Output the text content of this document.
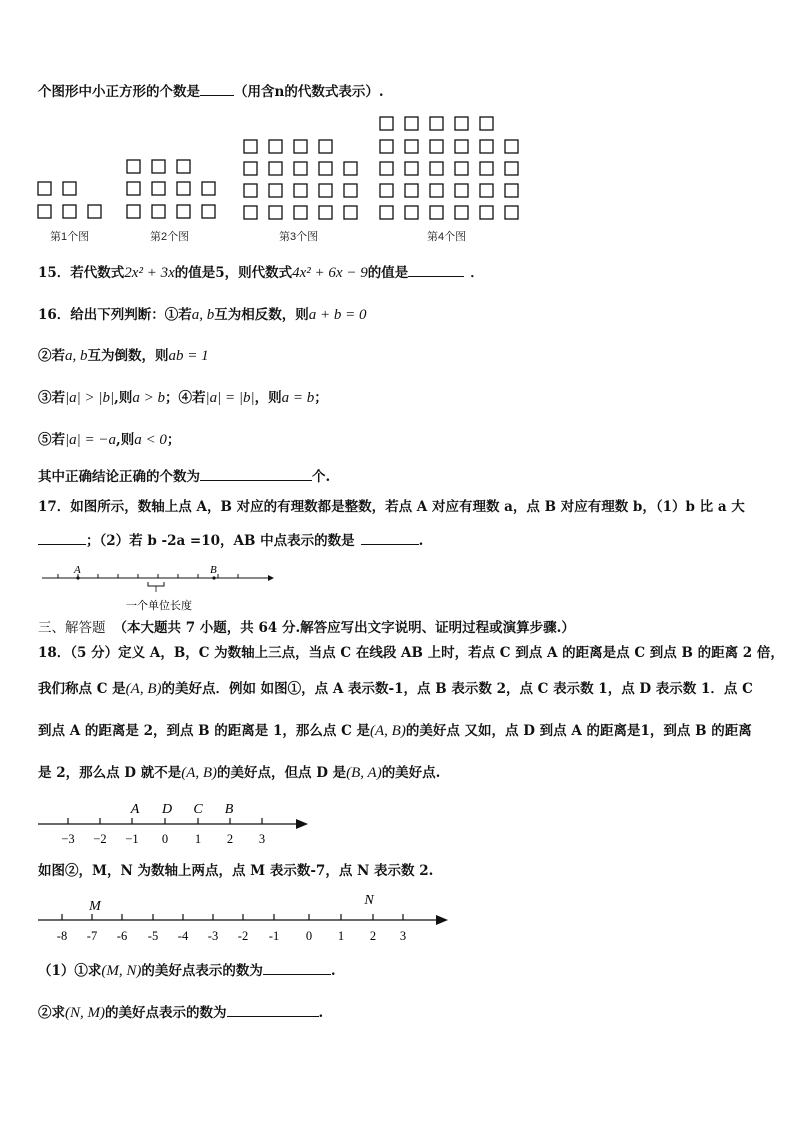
个图形中小正方形的个数是	（用含n的代数式表示）.
第1个图	第2个图	第3个图	第4个图
15．若代数式2x² + 3x的值是5，则代数式4x² + 6x − 9的值是	．
16．给出下列判断：①若a, b互为相反数，则a + b = 0
②若a, b互为倒数，则ab = 1
③若|a| > |b|,则a > b；④若|a| = |b|，则a = b；
⑤若|a| = −a,则a < 0；
其中正确结论正确的个数为	个.
17．如图所示，数轴上点 A，B 对应的有理数都是整数，若点 A 对应有理数 a，点 B 对应有理数 b，（1）b 比 a 大
；（2）若 b -2a =10，AB 中点表示的数是	.
A	B
一个单位长度
三、解答题 （本大题共 7 小题，共 64 分.解答应写出文字说明、证明过程或演算步骤.）
18．（5 分）定义 A，B，C 为数轴上三点，当点 C 在线段 AB 上时，若点 C 到点 A 的距离是点 C 到点 B 的距离 2 倍，
我们称点 C 是(A, B)的美好点．例如 如图①，点 A 表示数-1，点 B 表示数 2，点 C 表示数 1，点 D 表示数 1．点 C
到点 A 的距离是 2，到点 B 的距离是 1，那么点 C 是(A, B)的美好点 又如，点 D 到点 A 的距离是1，到点 B 的距离
是 2，那么点 D 就不是(A, B)的美好点，但点 D 是(B, A)的美好点.
−3 −2 −1 0 1 2 3
A D C B
如图②，M，N 为数轴上两点，点 M 表示数-7，点 N 表示数 2.
-8 -7 -6 -5 -4 -3 -2 -1 0 1 2 3
M	N
（1）①求(M, N)的美好点表示的数为	.
②求(N, M)的美好点表示的数为	.
